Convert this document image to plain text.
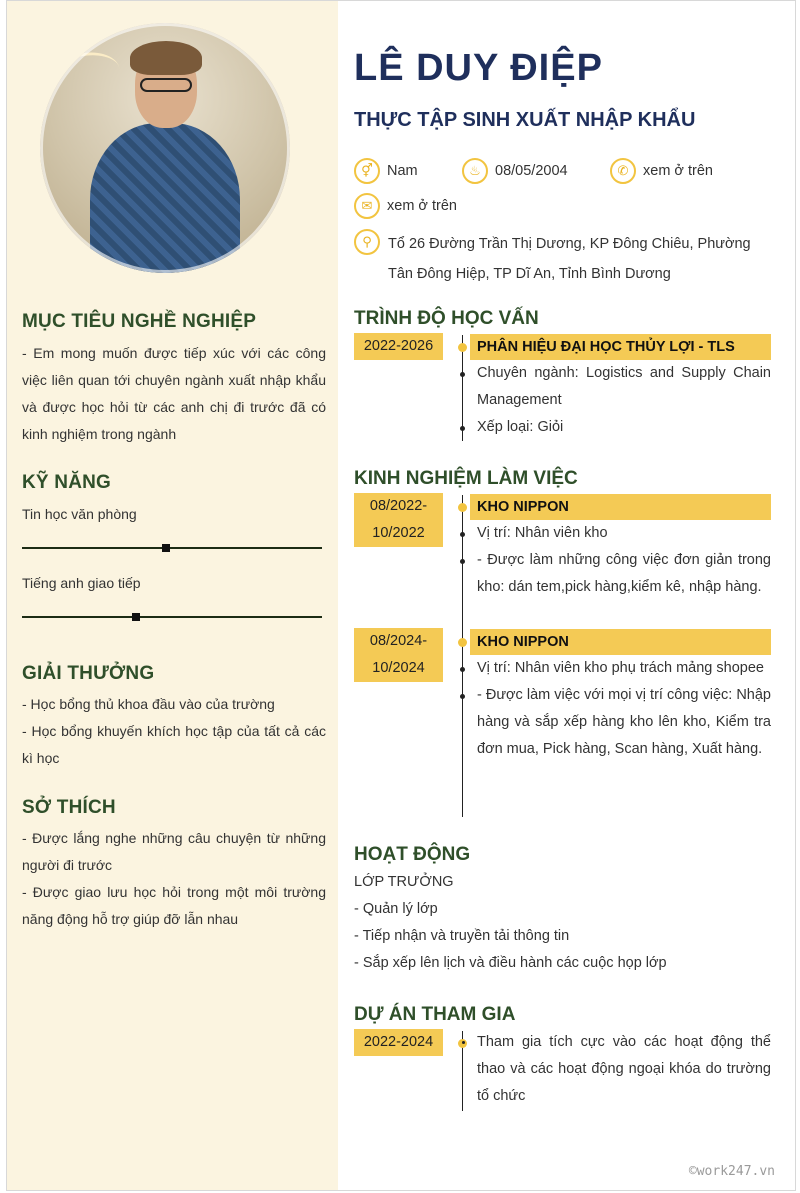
MỤC TIÊU NGHỀ NGHIỆP

- Em mong muốn được tiếp xúc với các công việc liên quan tới chuyên ngành xuất nhập khẩu và được học hỏi từ các anh chị đi trước đã có kinh nghiệm trong ngành

KỸ NĂNG
Tin học văn phòng
Tiếng anh giao tiếp
GIẢI THƯỞNG

- Học bổng thủ khoa đầu vào của trường

- Học bổng khuyến khích học tập của tất cả các kì học

SỞ THÍCH

- Được lắng nghe những câu chuyện từ những người đi trước

- Được giao lưu học hỏi trong một môi trường năng động hỗ trợ giúp đỡ lẫn nhau

LÊ DUY ĐIỆP
THỰC TẬP SINH XUẤT NHẬP KHẨU
⚥ Nam	♨ 08/05/2004	✆	xem ở trên
✉	xem ở trên
⚲	Tổ 26 Đường Trần Thị Dương, KP Đông Chiêu, Phường Tân Đông Hiệp, TP Dĩ An, Tỉnh Bình Dương
TRÌNH ĐỘ HỌC VẤN
2022-2026	PHÂN HIỆU ĐẠI HỌC THỦY LỢI - TLS

Chuyên ngành: Logistics and Supply Chain Management

Xếp loại: Giỏi

KINH NGHIỆM LÀM VIỆC
08/2022-
10/2022
KHO NIPPON

Vị trí: Nhân viên kho

- Được làm những công việc đơn giản trong kho: dán tem,pick hàng,kiểm kê, nhập hàng.

08/2024-
10/2024
KHO NIPPON

Vị trí: Nhân viên kho phụ trách mảng shopee

- Được làm việc với mọi vị trí công việc: Nhập hàng và sắp xếp hàng kho lên kho, Kiểm tra đơn mua, Pick hàng, Scan hàng, Xuất hàng.

HOẠT ĐỘNG

LỚP TRƯỞNG

- Quản lý lớp

- Tiếp nhận và truyền tải thông tin

- Sắp xếp lên lịch và điều hành các cuộc họp lớp

DỰ ÁN THAM GIA
2022-2024	Tham gia tích cực vào các hoạt động thể thao và các hoạt động ngoại khóa do trường tổ chức

©work247.vn
